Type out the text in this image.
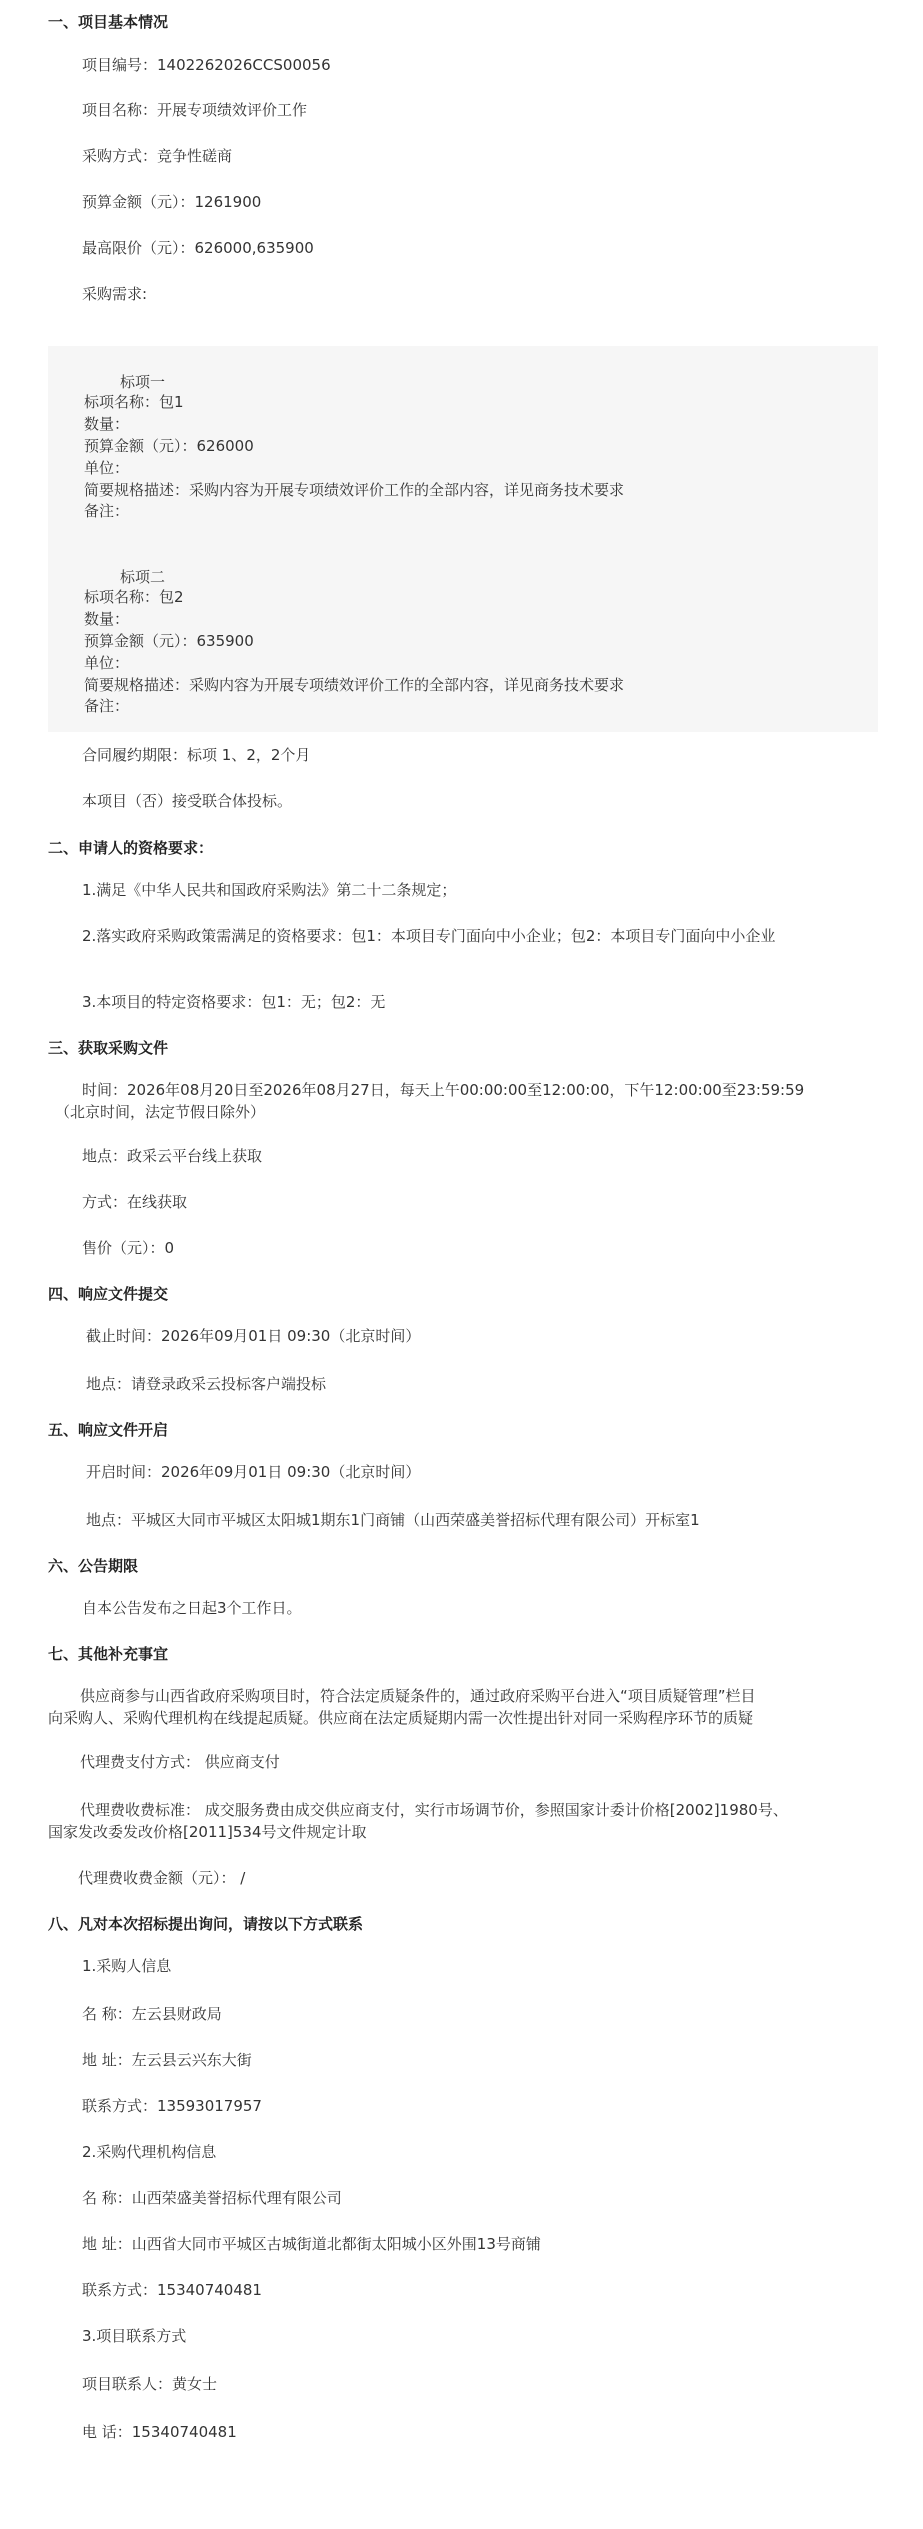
一、项目基本情况
项目编号：1402262026CCS00056
项目名称：开展专项绩效评价工作
采购方式：竞争性磋商
预算金额（元）：1261900
最高限价（元）：626000,635900
采购需求:
标项一
标项名称：包1
数量：
预算金额（元）：626000
单位：
简要规格描述：采购内容为开展专项绩效评价工作的全部内容，详见商务技术要求
备注：
标项二
标项名称：包2
数量：
预算金额（元）：635900
单位：
简要规格描述：采购内容为开展专项绩效评价工作的全部内容，详见商务技术要求
备注：
合同履约期限：标项 1、2，2个月
本项目（否）接受联合体投标。
二、申请人的资格要求：
1.满足《中华人民共和国政府采购法》第二十二条规定；
2.落实政府采购政策需满足的资格要求：包1：本项目专门面向中小企业；包2：本项目专门面向中小企业
3.本项目的特定资格要求：包1：无；包2：无
三、获取采购文件
时间：2026年08月20日至2026年08月27日，每天上午00:00:00至12:00:00，下午12:00:00至23:59:59
（北京时间，法定节假日除外）
地点：政采云平台线上获取
方式：在线获取
售价（元）：0
四、响应文件提交
截止时间：2026年09月01日 09:30（北京时间）
地点：请登录政采云投标客户端投标
五、响应文件开启
开启时间：2026年09月01日 09:30（北京时间）
地点：平城区大同市平城区太阳城1期东1门商铺（山西荣盛美誉招标代理有限公司）开标室1
六、公告期限
自本公告发布之日起3个工作日。
七、其他补充事宜
供应商参与山西省政府采购项目时，符合法定质疑条件的，通过政府采购平台进入“项目质疑管理”栏目
向采购人、采购代理机构在线提起质疑。供应商在法定质疑期内需一次性提出针对同一采购程序环节的质疑
代理费支付方式： 供应商支付
代理费收费标准： 成交服务费由成交供应商支付，实行市场调节价，参照国家计委计价格[2002]1980号、
国家发改委发改价格[2011]534号文件规定计取
代理费收费金额（元）： /
八、凡对本次招标提出询问，请按以下方式联系
1.采购人信息
名 称：左云县财政局
地 址：左云县云兴东大街
联系方式：13593017957
2.采购代理机构信息
名 称：山西荣盛美誉招标代理有限公司
地 址：山西省大同市平城区古城街道北都街太阳城小区外围13号商铺
联系方式：15340740481
3.项目联系方式
项目联系人：黄女士
电 话：15340740481
